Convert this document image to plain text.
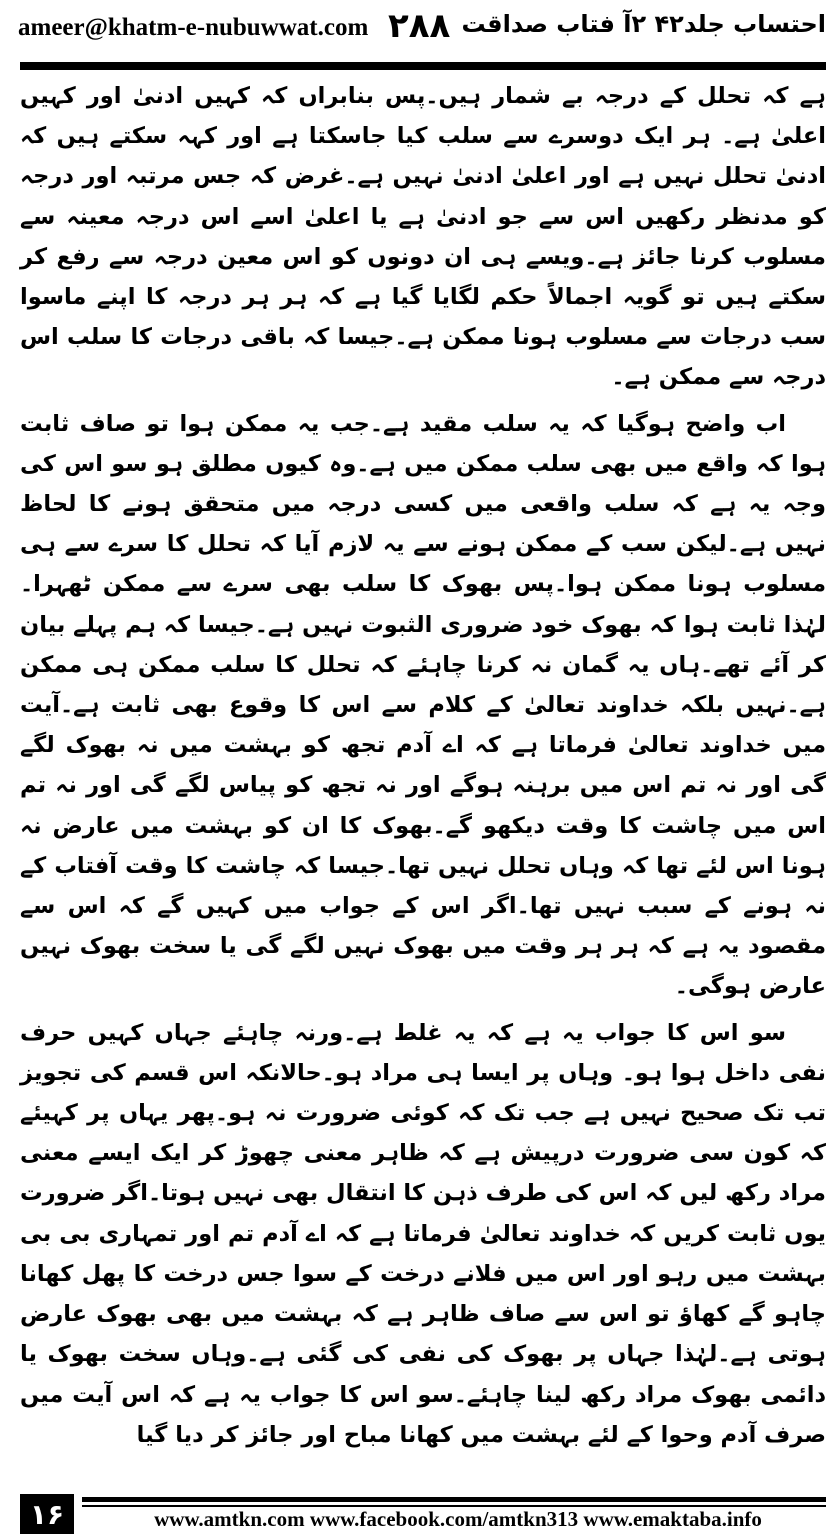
ameer@khatm-e-nubuwwat.com ۲۸۸ احتساب جلد۴۲ ۲آ فتاب صداقت

ہے کہ تحلل کے درجہ بے شمار ہیں۔پس بنابراں کہ کہیں ادنیٰ اور کہیں اعلیٰ ہے۔ ہر ایک دوسرے سے سلب کیا جاسکتا ہے اور کہہ سکتے ہیں کہ ادنیٰ تحلل نہیں ہے اور اعلیٰ ادنیٰ نہیں ہے۔غرض کہ جس مرتبہ اور درجہ کو مدنظر رکھیں اس سے جو ادنیٰ ہے یا اعلیٰ اسے اس درجہ معینہ سے مسلوب کرنا جائز ہے۔ویسے ہی ان دونوں کو اس معین درجہ سے رفع کر سکتے ہیں تو گویہ اجمالاً حکم لگایا گیا ہے کہ ہر ہر درجہ کا اپنے ماسوا سب درجات سے مسلوب ہونا ممکن ہے۔جیسا کہ باقی درجات کا سلب اس درجہ سے ممکن ہے۔

اب واضح ہوگیا کہ یہ سلب مقید ہے۔جب یہ ممکن ہوا تو صاف ثابت ہوا کہ واقع میں بھی سلب ممکن میں ہے۔وہ کیوں مطلق ہو سو اس کی وجہ یہ ہے کہ سلب واقعی میں کسی درجہ میں متحقق ہونے کا لحاظ نہیں ہے۔لیکن سب کے ممکن ہونے سے یہ لازم آیا کہ تحلل کا سرے سے ہی مسلوب ہونا ممکن ہوا۔پس بھوک کا سلب بھی سرے سے ممکن ٹھہرا۔لہٰذا ثابت ہوا کہ بھوک خود ضروری الثبوت نہیں ہے۔جیسا کہ ہم پہلے بیان کر آئے تھے۔ہاں یہ گمان نہ کرنا چاہئے کہ تحلل کا سلب ممکن ہی ممکن ہے۔نہیں بلکہ خداوند تعالیٰ کے کلام سے اس کا وقوع بھی ثابت ہے۔آیت میں خداوند تعالیٰ فرماتا ہے کہ اے آدم تجھ کو بہشت میں نہ بھوک لگے گی اور نہ تم اس میں برہنہ ہوگے اور نہ تجھ کو پیاس لگے گی اور نہ تم اس میں چاشت کا وقت دیکھو گے۔بھوک کا ان کو بہشت میں عارض نہ ہونا اس لئے تھا کہ وہاں تحلل نہیں تھا۔جیسا کہ چاشت کا وقت آفتاب کے نہ ہونے کے سبب نہیں تھا۔اگر اس کے جواب میں کہیں گے کہ اس سے مقصود یہ ہے کہ ہر ہر وقت میں بھوک نہیں لگے گی یا سخت بھوک نہیں عارض ہوگی۔

سو اس کا جواب یہ ہے کہ یہ غلط ہے۔ورنہ چاہئے جہاں کہیں حرف نفی داخل ہوا ہو۔ وہاں پر ایسا ہی مراد ہو۔حالانکہ اس قسم کی تجویز تب تک صحیح نہیں ہے جب تک کہ کوئی ضرورت نہ ہو۔پھر یہاں پر کہیئے کہ کون سی ضرورت درپیش ہے کہ ظاہر معنی چھوڑ کر ایک ایسے معنی مراد رکھ لیں کہ اس کی طرف ذہن کا انتقال بھی نہیں ہوتا۔اگر ضرورت یوں ثابت کریں کہ خداوند تعالیٰ فرماتا ہے کہ اے آدم تم اور تمہاری بی بی بہشت میں رہو اور اس میں فلانے درخت کے سوا جس درخت کا پھل کھانا چاہو گے کھاؤ تو اس سے صاف ظاہر ہے کہ بہشت میں بھی بھوک عارض ہوتی ہے۔لہٰذا جہاں پر بھوک کی نفی کی گئی ہے۔وہاں سخت بھوک یا دائمی بھوک مراد رکھ لینا چاہئے۔سو اس کا جواب یہ ہے کہ اس آیت میں صرف آدم وحوا کے لئے بہشت میں کھانا مباح اور جائز کر دیا گیا

۱۶	www.amtkn.com www.facebook.com/amtkn313 www.emaktaba.info
